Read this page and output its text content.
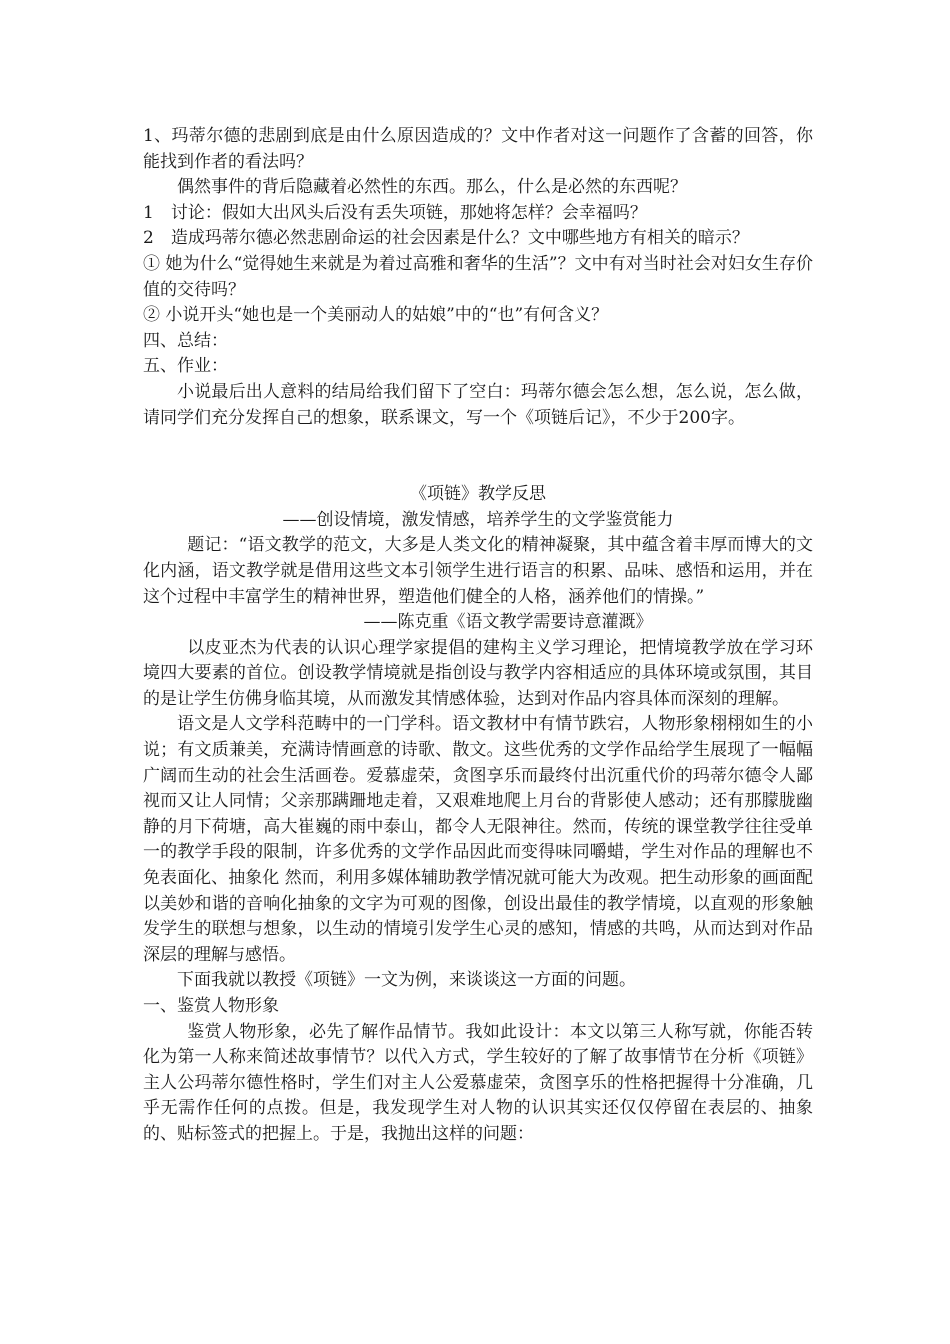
1、玛蒂尔德的悲剧到底是由什么原因造成的？文中作者对这一问题作了含蓄的回答，你能找到作者的看法吗？

偶然事件的背后隐藏着必然性的东西。那么，什么是必然的东西呢？

1　讨论：假如大出风头后没有丢失项链，那她将怎样？会幸福吗？

2　造成玛蒂尔德必然悲剧命运的社会因素是什么？文中哪些地方有相关的暗示？

① 她为什么“觉得她生来就是为着过高雅和奢华的生活”？文中有对当时社会对妇女生存价值的交待吗？

② 小说开头“她也是一个美丽动人的姑娘”中的“也”有何含义？

四、总结：

五、作业：

小说最后出人意料的结局给我们留下了空白：玛蒂尔德会怎么想，怎么说，怎么做，请同学们充分发挥自己的想象，联系课文，写一个《项链后记》，不少于200字。

《项链》教学反思

——创设情境，激发情感，培养学生的文学鉴赏能力

题记：“语文教学的范文，大多是人类文化的精神凝聚，其中蕴含着丰厚而博大的文化内涵，语文教学就是借用这些文本引领学生进行语言的积累、品味、感悟和运用，并在这个过程中丰富学生的精神世界，塑造他们健全的人格，涵养他们的情操。”

——陈克重《语文教学需要诗意灌溉》

以皮亚杰为代表的认识心理学家提倡的建构主义学习理论，把情境教学放在学习环境四大要素的首位。创设教学情境就是指创设与教学内容相适应的具体环境或氛围，其目的是让学生仿佛身临其境，从而激发其情感体验，达到对作品内容具体而深刻的理解。

语文是人文学科范畴中的一门学科。语文教材中有情节跌宕，人物形象栩栩如生的小说；有文质兼美，充满诗情画意的诗歌、散文。这些优秀的文学作品给学生展现了一幅幅广阔而生动的社会生活画卷。爱慕虚荣，贪图享乐而最终付出沉重代价的玛蒂尔德令人鄙视而又让人同情；父亲那蹒跚地走着，又艰难地爬上月台的背影使人感动；还有那朦胧幽静的月下荷塘，高大崔巍的雨中泰山，都令人无限神往。然而，传统的课堂教学往往受单一的教学手段的限制，许多优秀的文学作品因此而变得味同嚼蜡，学生对作品的理解也不免表面化、抽象化 然而，利用多媒体辅助教学情况就可能大为改观。把生动形象的画面配以美妙和谐的音响化抽象的文字为可观的图像，创设出最佳的教学情境，以直观的形象触发学生的联想与想象，以生动的情境引发学生心灵的感知，情感的共鸣，从而达到对作品深层的理解与感悟。

下面我就以教授《项链》一文为例，来谈谈这一方面的问题。

一、鉴赏人物形象

鉴赏人物形象，必先了解作品情节。我如此设计：本文以第三人称写就，你能否转化为第一人称来简述故事情节？以代入方式，学生较好的了解了故事情节在分析《项链》主人公玛蒂尔德性格时，学生们对主人公爱慕虚荣，贪图享乐的性格把握得十分准确，几乎无需作任何的点拨。但是，我发现学生对人物的认识其实还仅仅停留在表层的、抽象的、贴标签式的把握上。于是，我抛出这样的问题：
